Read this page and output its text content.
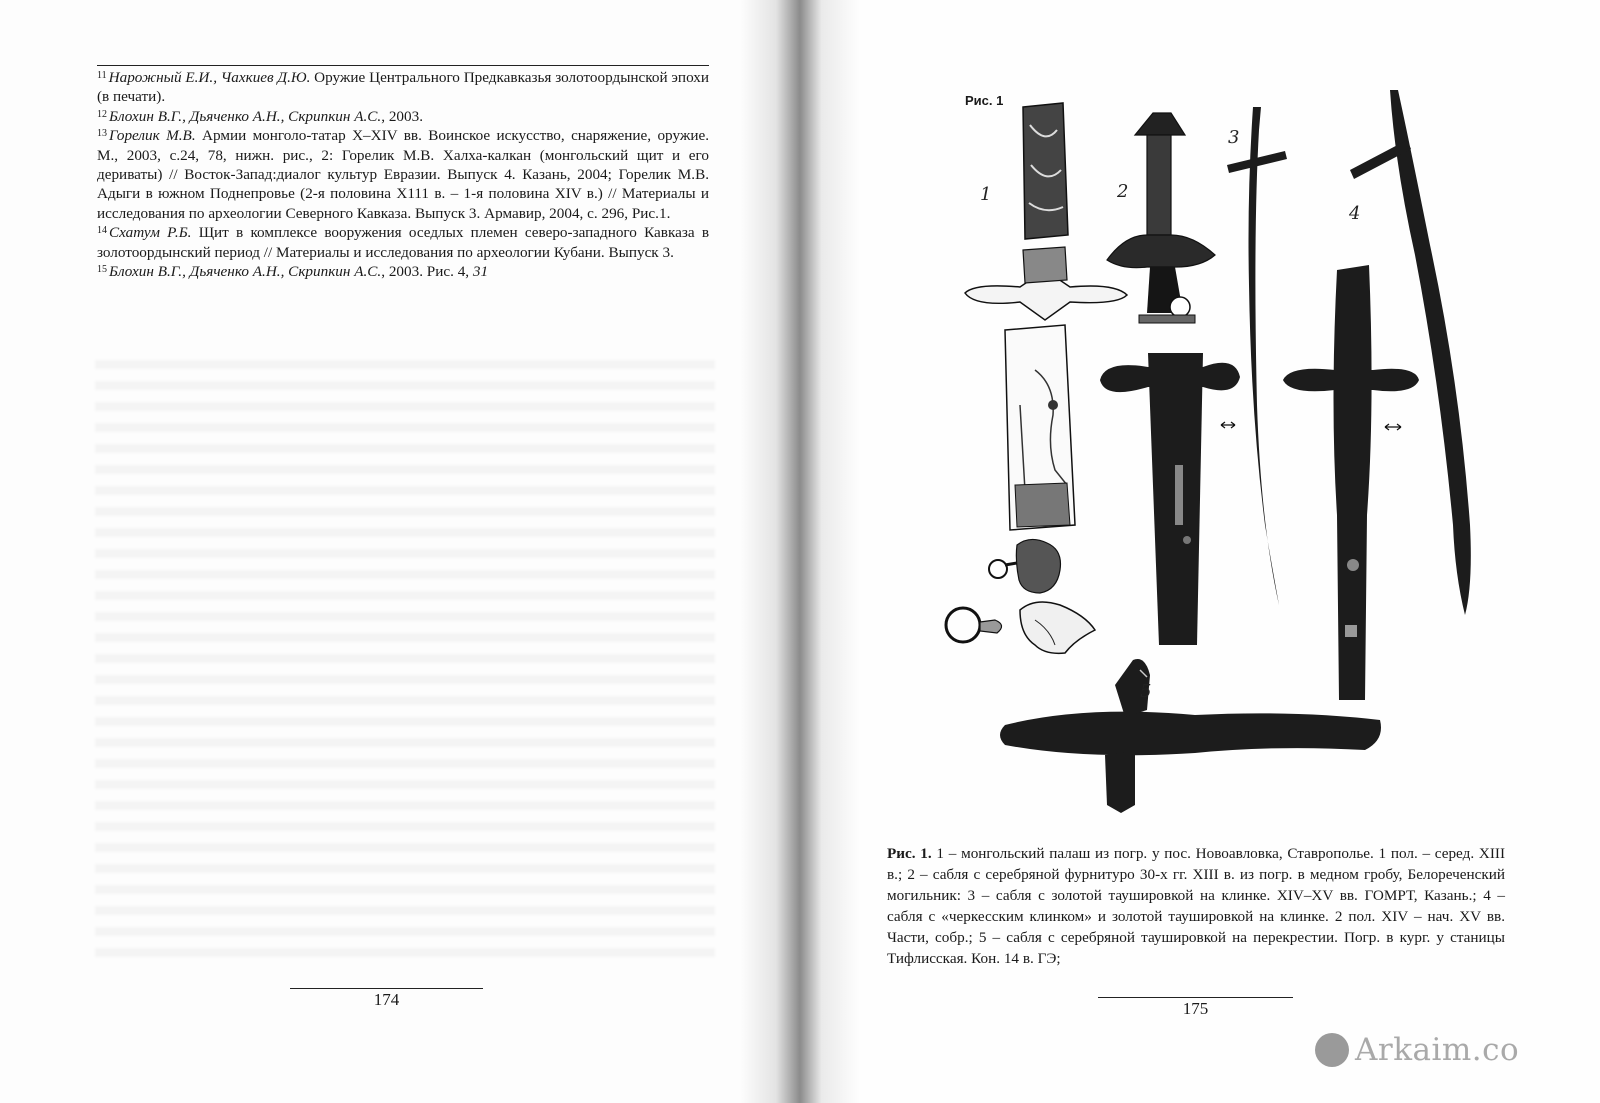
$^{11}$ Нарожный Е.И., Чахкиев Д.Ю. Оружие Центрального Предкавказья золотоордынской эпохи (в печати).

$^{12}$ Блохин В.Г., Дьяченко А.Н., Скрипкин А.С., 2003.

$^{13}$ Горелик М.В. Армии монголо-татар X–XIV вв. Воинское искусство, снаряжение, оружие. М., 2003, с.24, 78, нижн. рис., 2: Горелик М.В. Халха-калкан (монгольский щит и его дериваты) // Восток-Запад:диалог культур Евразии. Выпуск 4. Казань, 2004; Горелик М.В. Адыги в южном Поднепровье (2-я половина Х111 в. – 1-я половина XIV в.) // Материалы и исследования по археологии Северного Кавказа. Выпуск 3. Армавир, 2004, с. 296, Рис.1.

$^{14}$ Схатум Р.Б. Щит в комплексе вооружения оседлых племен северо-западного Кавказа в золотоордынский период // Материалы и исследования по археологии Кубани. Выпуск 3.

$^{15}$ Блохин В.Г., Дьяченко А.Н., Скрипкин А.С., 2003. Рис. 4, 31

174	175
Рис. 1
1	2
3
4
5
Рис. 1. 1 – монгольский палаш из погр. у пос. Новоавловка, Ставрополье. 1 пол. – серед. XIII в.; 2 – сабля с серебряной фурнитуро 30-х гг. XIII в. из погр. в медном гробу, Белореченский могильник: 3 – сабля с золотой таушировкой на клинке. XIV–XV вв. ГОМРТ, Казань.; 4 – сабля с «черкесским клинком» и золотой таушировкой на клинке. 2 пол. XIV – нач. XV вв. Части, собр.; 5 – сабля с серебряной таушировкой на перекрестии. Погр. в кург. у станицы Тифлисская. Кон. 14 в. ГЭ;
Arkaim.co
